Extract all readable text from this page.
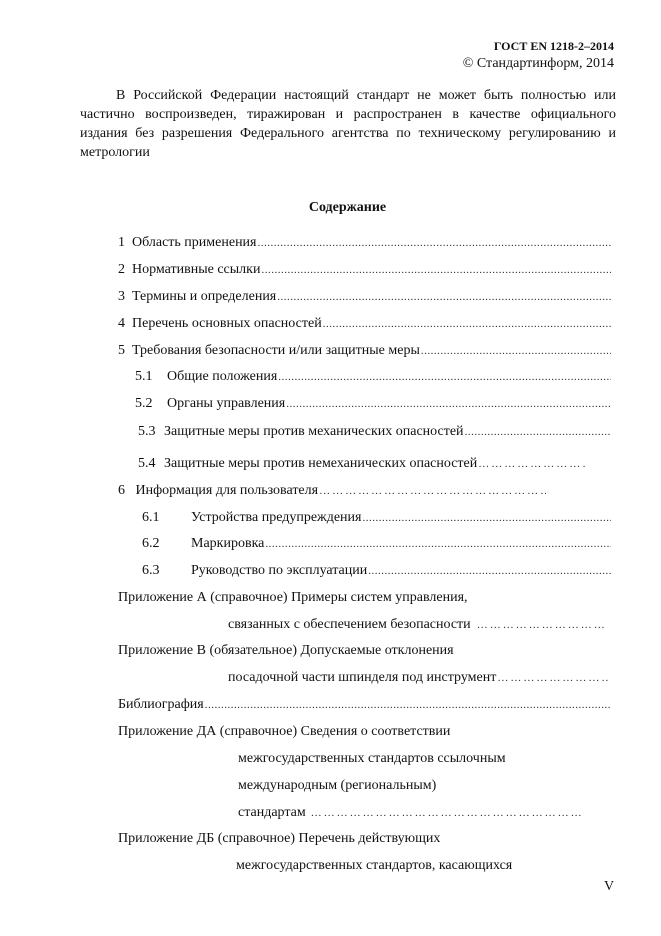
ГОСТ EN 1218-2–2014
© Стандартинформ, 2014

В Российской Федерации настоящий стандарт не может быть полностью или частично воспроизведен, тиражирован и распространен в качестве официального издания без разрешения Федерального агентства по техническому регулированию и метрологии

Содержание
1 Область применения
.....
2 Нормативные ссылки
.....
3 Термины и определения
.....
4 Перечень основных опасностей
.....
5 Требования безопасности и/или защитные меры
.....
5.1 Общие положения
.....
5.2 Органы управления
.....
5.3 Защитные меры против механических опасностей
.....
5.4 Защитные меры против немеханических опасностей
…………………………………………………………………………………………………………………
6 Информация для пользователя
…………………………………………………………………………………………………………………
6.1 Устройства предупреждения
.....
6.2 Маркировка
.....
6.3 Руководство по эксплуатации
.....
Приложение А (справочное) Примеры систем управления,
связанных с обеспечением безопасности
…………………………………………………………………………………………………………………
Приложение В (обязательное) Допускаемые отклонения
посадочной части шпинделя под инструмент
…………………………………………………………………………………………………………………
Библиография
.....
Приложение ДА (справочное) Сведения о соответствии
межгосударственных стандартов ссылочным
международным (региональным)
стандартам
…………………………………………………………………………………………………………………
Приложение ДБ (справочное) Перечень действующих
межгосударственных стандартов, касающихся
V
